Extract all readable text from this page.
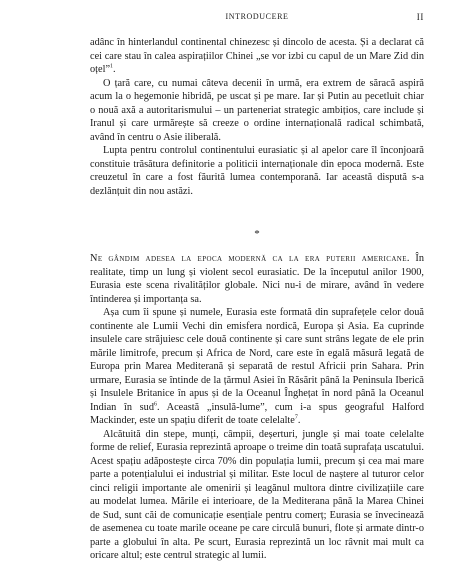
INTRODUCERE	II

adânc în hinterlandul continental chinezesc și dincolo de acesta. Și a declarat că cei care stau în calea aspirațiilor Chinei „se vor izbi cu capul de un Mare Zid din oțel”$^1$.

O țară care, cu numai câteva decenii în urmă, era extrem de săracă aspiră acum la o hegemonie hibridă, pe uscat și pe mare. Iar și Putin au pecetluit chiar o nouă axă a autoritarismului – un parteneriat strategic ambițios, care include și Iranul și care urmărește să creeze o ordine internațională radical schimbată, având în centru o Asie iliberală.

Lupta pentru controlul continentului eurasiatic și al apelor care îl înconjoară constituie trăsătura definitorie a politicii internaționale din epoca modernă. Este creuzetul în care a fost făurită lumea contemporană. Iar această dispută s-a dezlănțuit din nou astăzi.

*

Ne gândim adesea la epoca modernă ca la era puterii americane. În realitate, timp un lung și violent secol eurasiatic. De la începutul anilor 1900, Eurasia este scena rivalităților globale. Nici nu-i de mirare, având în vedere întinderea și importanța sa.

Așa cum îi spune și numele, Eurasia este formată din suprafețele celor două continente ale Lumii Vechi din emisfera nordică, Europa și Asia. Ea cuprinde insulele care străjuiesc cele două continente și care sunt strâns legate de ele prin mările limitrofe, precum și Africa de Nord, care este în egală măsură legată de Europa prin Marea Mediterană și separată de restul Africii prin Sahara. Prin urmare, Eurasia se întinde de la țărmul Asiei în Răsărit până la Peninsula Iberică și Insulele Britanice în apus și de la Oceanul Înghețat în nord până la Oceanul Indian în sud$^6$. Această „insulă-lume”, cum i-a spus geograful Halford Mackinder, este un spațiu diferit de toate celelalte$^7$.

Alcătuită din stepe, munți, câmpii, deșerturi, jungle și mai toate celelalte forme de relief, Eurasia reprezintă aproape o treime din toată suprafața uscatului. Acest spațiu adăpostește circa 70% din populația lumii, precum și cea mai mare parte a potențialului ei industrial și militar. Este locul de naștere al tuturor celor cinci religii importante ale omenirii și leagănul multora dintre civilizațiile care au modelat lumea. Mările ei interioare, de la Mediterana până la Marea Chinei de Sud, sunt căi de comunicație esențiale pentru comerț; Eurasia se învecinează de asemenea cu toate marile oceane pe care circulă bunuri, flote și armate dintr-o parte a globului în alta. Pe scurt, Eurasia reprezintă un loc râvnit mai mult ca oricare altul; este centrul strategic al lumii.
